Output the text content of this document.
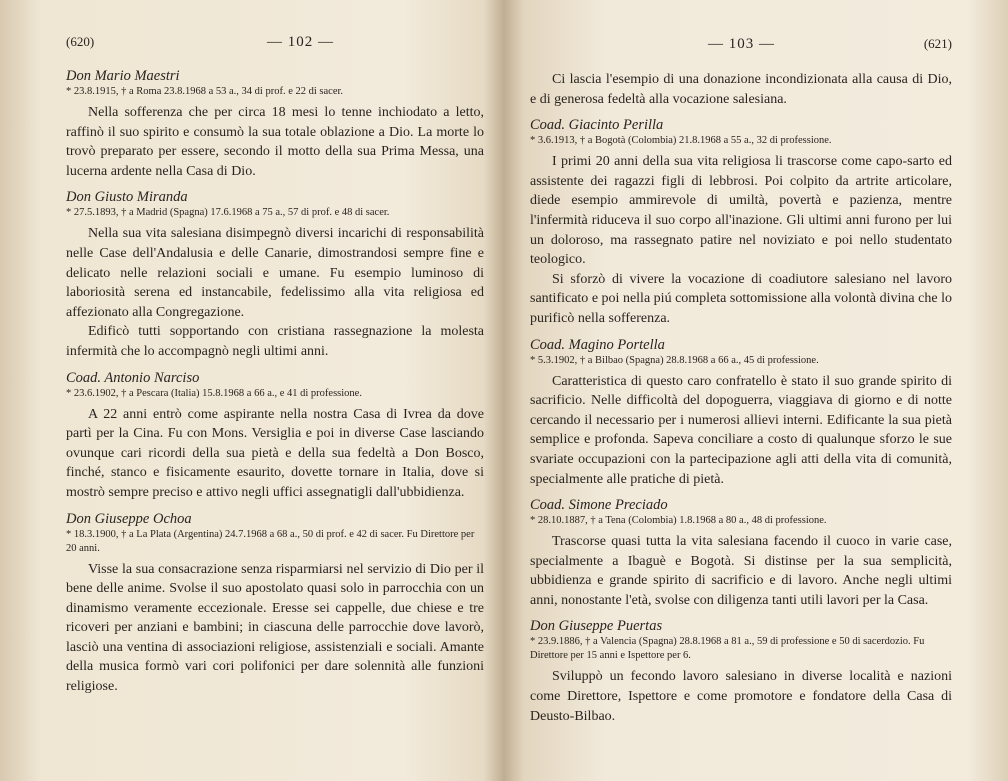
(620)	— 102 —

Don Mario Maestri

* 23.8.1915, † a Roma 23.8.1968 a 53 a., 34 di prof. e 22 di sacer.

Nella sofferenza che per circa 18 mesi lo tenne inchiodato a letto, raffinò il suo spirito e consumò la sua totale oblazione a Dio. La morte lo trovò preparato per essere, secondo il motto della sua Prima Messa, una lucerna ardente nella Casa di Dio.

Don Giusto Miranda

* 27.5.1893, † a Madrid (Spagna) 17.6.1968 a 75 a., 57 di prof. e 48 di sacer.

Nella sua vita salesiana disimpegnò diversi incarichi di responsabilità nelle Case dell'Andalusia e delle Canarie, dimostrandosi sempre fine e delicato nelle relazioni sociali e umane. Fu esempio luminoso di laboriosità serena ed instancabile, fedelissimo alla vita religiosa ed affezionato alla Congregazione.

Edificò tutti sopportando con cristiana rassegnazione la molesta infermità che lo accompagnò negli ultimi anni.

Coad. Antonio Narciso

* 23.6.1902, † a Pescara (Italia) 15.8.1968 a 66 a., e 41 di professione.

A 22 anni entrò come aspirante nella nostra Casa di Ivrea da dove partì per la Cina. Fu con Mons. Versiglia e poi in diverse Case lasciando ovunque cari ricordi della sua pietà e della sua fedeltà a Don Bosco, finché, stanco e fisicamente esaurito, dovette tornare in Italia, dove si mostrò sempre preciso e attivo negli uffici assegnatigli dall'ubbidienza.

Don Giuseppe Ochoa

* 18.3.1900, † a La Plata (Argentina) 24.7.1968 a 68 a., 50 di prof. e 42 di sacer. Fu Direttore per 20 anni.

Visse la sua consacrazione senza risparmiarsi nel servizio di Dio per il bene delle anime. Svolse il suo apostolato quasi solo in parrocchia con un dinamismo veramente eccezionale. Eresse sei cappelle, due chiese e tre ricoveri per anziani e bambini; in ciascuna delle parrocchie dove lavorò, lasciò una ventina di associazioni religiose, assistenziali e sociali. Amante della musica formò vari cori polifonici per dare solennità alle funzioni religiose.

— 103 —	(621)

Ci lascia l'esempio di una donazione incondizionata alla causa di Dio, e di generosa fedeltà alla vocazione salesiana.

Coad. Giacinto Perilla

* 3.6.1913, † a Bogotà (Colombia) 21.8.1968 a 55 a., 32 di professione.

I primi 20 anni della sua vita religiosa li trascorse come capo-sarto ed assistente dei ragazzi figli di lebbrosi. Poi colpito da artrite articolare, diede esempio ammirevole di umiltà, povertà e pazienza, mentre l'infermità riduceva il suo corpo all'inazione. Gli ultimi anni furono per lui un doloroso, ma rassegnato patire nel noviziato e poi nello studentato teologico.

Si sforzò di vivere la vocazione di coadiutore salesiano nel lavoro santificato e poi nella piú completa sottomissione alla volontà divina che lo purificò nella sofferenza.

Coad. Magino Portella

* 5.3.1902, † a Bilbao (Spagna) 28.8.1968 a 66 a., 45 di professione.

Caratteristica di questo caro confratello è stato il suo grande spirito di sacrificio. Nelle difficoltà del dopoguerra, viaggiava di giorno e di notte cercando il necessario per i numerosi allievi interni. Edificante la sua pietà semplice e profonda. Sapeva conciliare a costo di qualunque sforzo le sue svariate occupazioni con la partecipazione agli atti della vita di comunità, specialmente alle pratiche di pietà.

Coad. Simone Preciado

* 28.10.1887, † a Tena (Colombia) 1.8.1968 a 80 a., 48 di professione.

Trascorse quasi tutta la vita salesiana facendo il cuoco in varie case, specialmente a Ibaguè e Bogotà. Si distinse per la sua semplicità, ubbidienza e grande spirito di sacrificio e di lavoro. Anche negli ultimi anni, nonostante l'età, svolse con diligenza tanti utili lavori per la Casa.

Don Giuseppe Puertas

* 23.9.1886, † a Valencia (Spagna) 28.8.1968 a 81 a., 59 di professione e 50 di sacerdozio. Fu Direttore per 15 anni e Ispettore per 6.

Sviluppò un fecondo lavoro salesiano in diverse località e nazioni come Direttore, Ispettore e come promotore e fondatore della Casa di Deusto-Bilbao.
